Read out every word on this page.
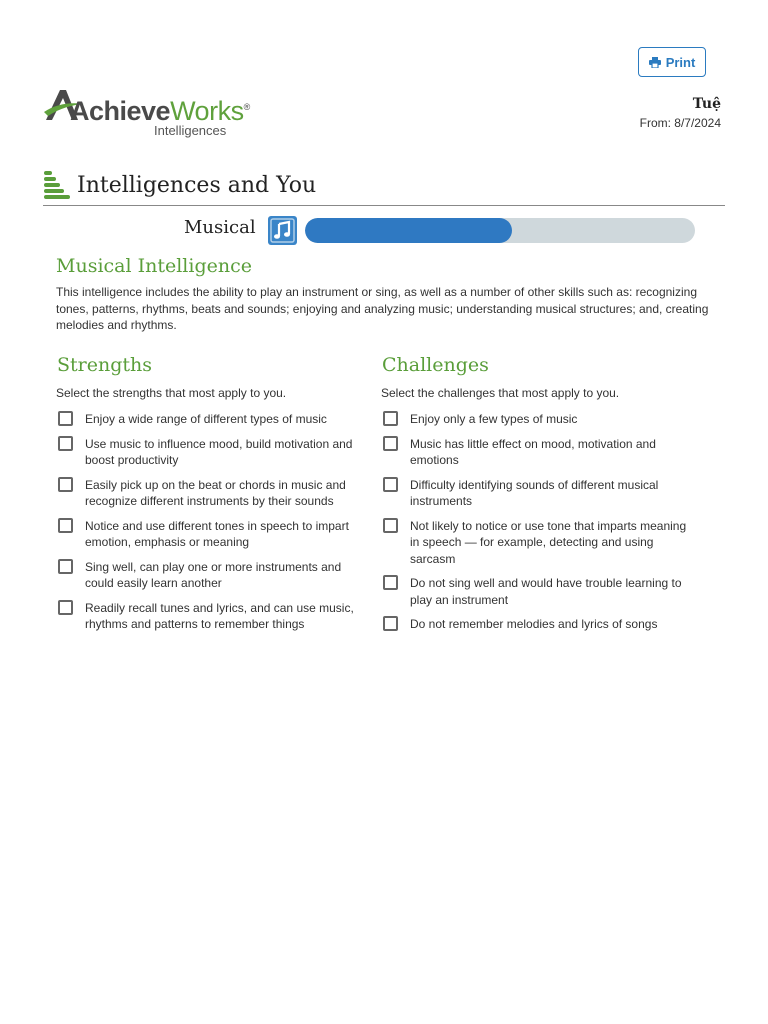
Print
AchieveWorks®
Intelligences
Tuệ
From: 8/7/2024
Intelligences and You
Musical
Musical Intelligence
This intelligence includes the ability to play an instrument or sing, as well as a number of other skills such as: recognizing tones, patterns, rhythms, beats and sounds; enjoying and analyzing music; understanding musical structures; and, creating melodies and rhythms.
Strengths
Select the strengths that most apply to you.
Enjoy a wide range of different types of music
Use music to influence mood, build motivation and boost productivity
Easily pick up on the beat or chords in music and recognize different instruments by their sounds
Notice and use different tones in speech to impart emotion, emphasis or meaning
Sing well, can play one or more instruments and could easily learn another
Readily recall tunes and lyrics, and can use music, rhythms and patterns to remember things
Challenges
Select the challenges that most apply to you.
Enjoy only a few types of music
Music has little effect on mood, motivation and emotions
Difficulty identifying sounds of different musical instruments
Not likely to notice or use tone that imparts meaning in speech — for example, detecting and using sarcasm
Do not sing well and would have trouble learning to play an instrument
Do not remember melodies and lyrics of songs
